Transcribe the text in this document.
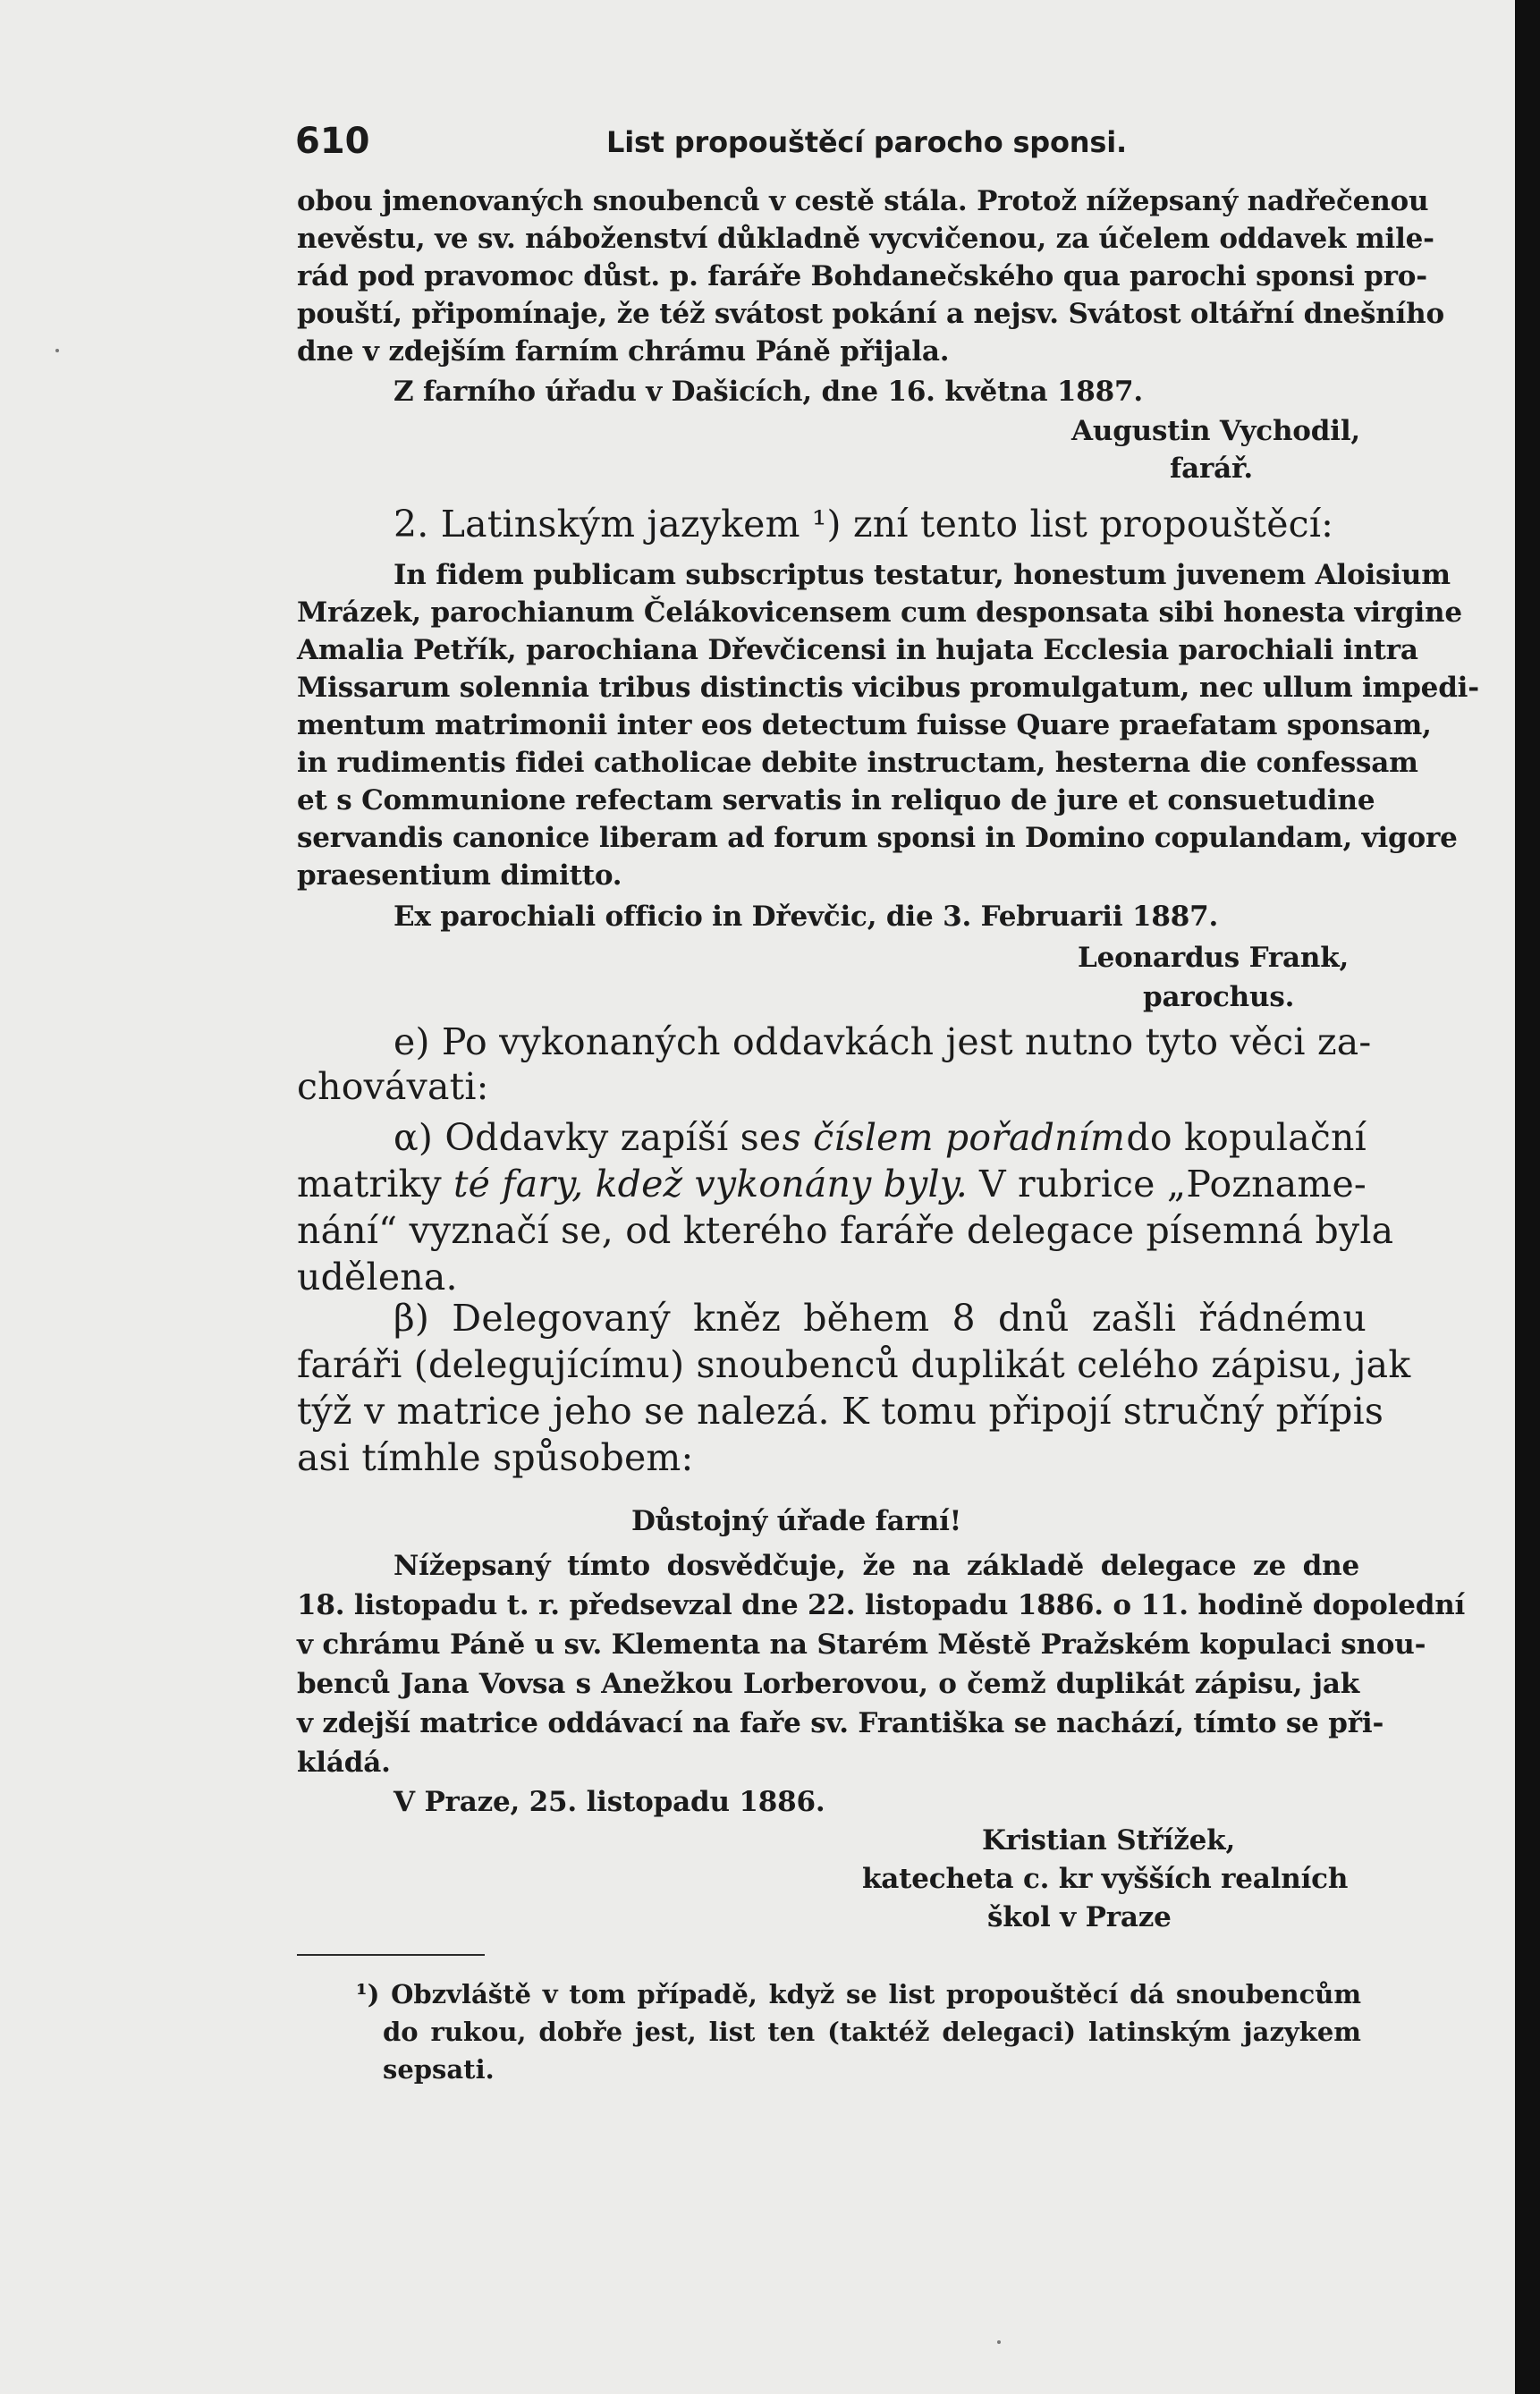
610	List propouštěcí parocho sponsi.
obou jmenovaných snoubenců v cestě stála. Protož nížepsaný nadřečenou
nevěstu, ve sv. náboženství důkladně vycvičenou, za účelem oddavek mile-
rád pod pravomoc důst. p. faráře Bohdanečského qua parochi sponsi pro-
pouští, připomínaje, že též svátost pokání a nejsv. Svátost oltářní dnešního
dne v zdejším farním chrámu Páně přijala.
Z farního úřadu v Dašicích, dne 16. května 1887.
Augustin Vychodil,
farář.
2. Latinským jazykem ¹) zní tento list propouštěcí:
In fidem publicam subscriptus testatur, honestum juvenem Aloisium
Mrázek, parochianum Čelákovicensem cum desponsata sibi honesta virgine
Amalia Petřík, parochiana Dřevčicensi in hujata Ecclesia parochiali intra
Missarum solennia tribus distinctis vicibus promulgatum, nec ullum impedi-
mentum matrimonii inter eos detectum fuisse Quare praefatam sponsam,
in rudimentis fidei catholicae debite instructam, hesterna die confessam
et s Communione refectam servatis in reliquo de jure et consuetudine
servandis canonice liberam ad forum sponsi in Domino copulandam, vigore
praesentium dimitto.
Ex parochiali officio in Dřevčic, die 3. Februarii 1887.
Leonardus Frank,
parochus.
e) Po vykonaných oddavkách jest nutno tyto věci za-
chovávati:
α) Oddavky zapíší se s číslem pořadním do kopulační
matriky té fary, kdež vykonány byly. V rubrice „Poznamе-
nání“ vyznačí se, od kterého faráře delegace písemná byla
udělena.
β) Delegovaný kněz během 8 dnů zašli řádnému
faráři (delegujícímu) snoubenců duplikát celého zápisu, jak
týž v matrice jeho se nalezá. K tomu připojí stručný přípis
asi tímhle spůsobem:
Důstojný úřade farní!
Nížepsaný tímto dosvědčuje, že na základě delegace ze dne
18. listopadu t. r. předsevzal dne 22. listopadu 1886. o 11. hodině dopolední
v chrámu Páně u sv. Klementa na Starém Městě Pražském kopulaci snou-
benců Jana Vovsa s Anežkou Lorberovou, o čemž duplikát zápisu, jak
v zdejší matrice oddávací na faře sv. Františka se nachází, tímto se při-
kládá.
V Praze, 25. listopadu 1886.
Kristian Střížek,
katecheta c. kr vyšších realních
škol v Praze
¹) Obzvláště v tom případě, když se list propouštěcí dá snoubencům
do rukou, dobře jest, list ten (taktéž delegaci) latinským jazykem
sepsati.
